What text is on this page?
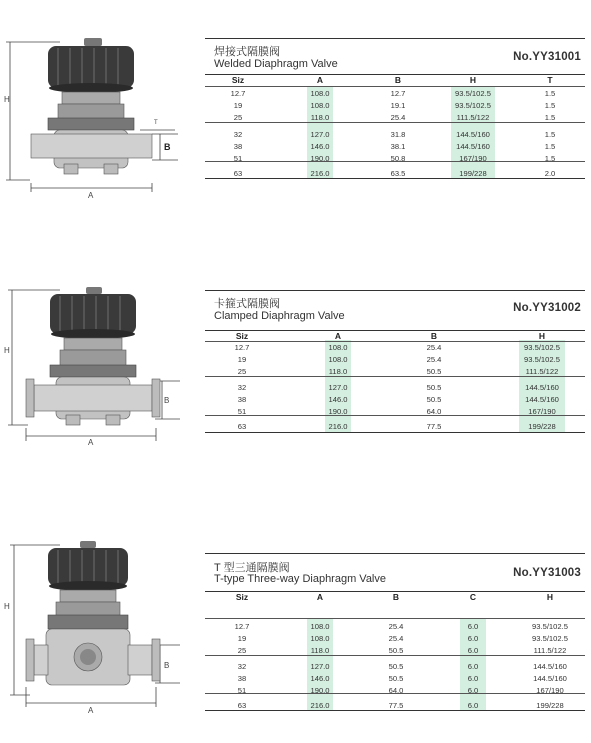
H
A
B
T
焊接式隔膜阀
Welded Diaphragm Valve
No.YY31001
Siz	A	B	H	T
12.7	108.0	12.7	93.5/102.5	1.5
19	108.0	19.1	93.5/102.5	1.5
25	118.0	25.4	111.5/122	1.5
32	127.0	31.8	144.5/160	1.5
38	146.0	38.1	144.5/160	1.5
51	190.0	50.8	167/190	1.5
63	216.0	63.5	199/228	2.0
H
A
B
卡箍式隔膜阀
Clamped Diaphragm Valve
No.YY31002
Siz	A	B	H
12.7	108.0	25.4	93.5/102.5
19	108.0	25.4	93.5/102.5
25	118.0	50.5	111.5/122
32	127.0	50.5	144.5/160
38	146.0	50.5	144.5/160
51	190.0	64.0	167/190
63	216.0	77.5	199/228
H
A
B
T 型三通隔膜阀
T-type Three-way Diaphragm Valve	No.YY31003
Siz	A	B	C	H
12.7	108.0	25.4	6.0	93.5/102.5
19	108.0	25.4	6.0	93.5/102.5
25	118.0	50.5	6.0	111.5/122
32	127.0	50.5	6.0	144.5/160
38	146.0	50.5	6.0	144.5/160
51	190.0	64.0	6.0	167/190
63	216.0	77.5	6.0	199/228
